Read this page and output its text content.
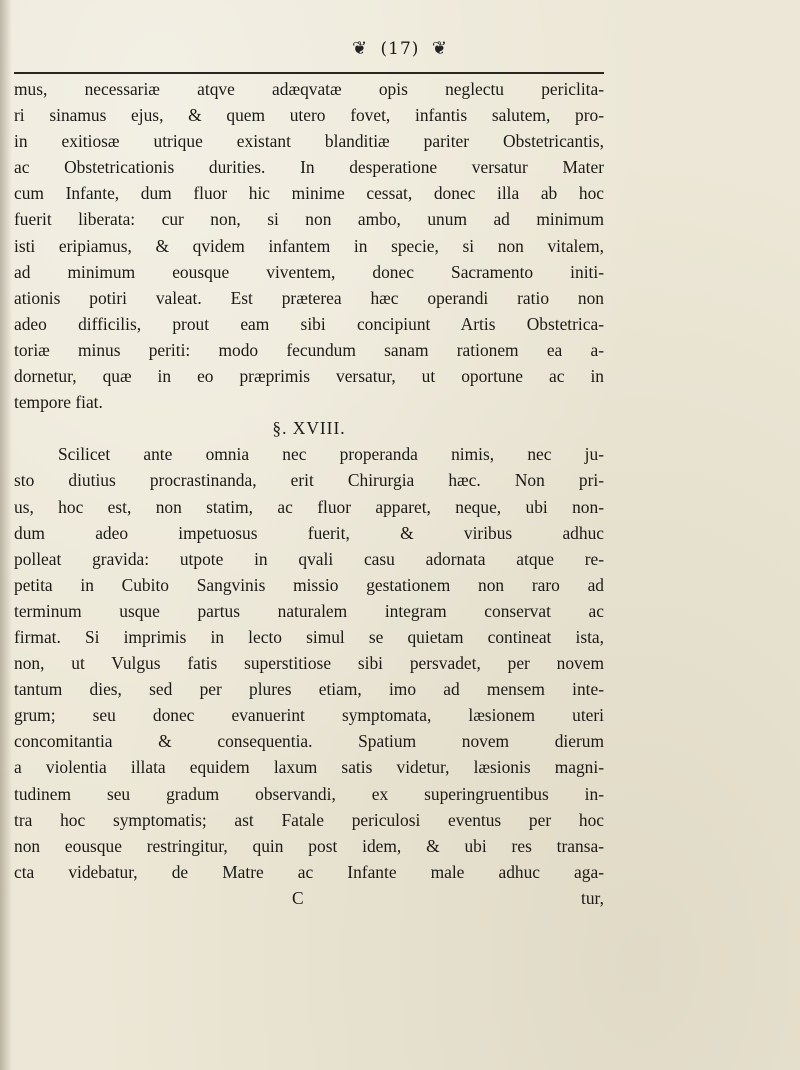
❦ (17) ❦
mus, necessariæ atqve adæqvatæ opis neglectu periclita-
ri sinamus ejus, & quem utero fovet, infantis salutem, pro-
in exitiosæ utrique existant blanditiæ pariter Obstetricantis,
ac Obstetricationis durities. In desperatione versatur Mater
cum Infante, dum fluor hic minime cessat, donec illa ab hoc
fuerit liberata: cur non, si non ambo, unum ad minimum
isti eripiamus, & qvidem infantem in specie, si non vitalem,
ad minimum eousque viventem, donec Sacramento initi-
ationis potiri valeat. Est præterea hæc operandi ratio non
adeo difficilis, prout eam sibi concipiunt Artis Obstetrica-
toriæ minus periti: modo fecundum sanam rationem ea a-
dornetur, quæ in eo præprimis versatur, ut oportune ac in
tempore fiat.
§. XVIII.
Scilicet ante omnia nec properanda nimis, nec ju-
sto diutius procrastinanda, erit Chirurgia hæc. Non pri-
us, hoc est, non statim, ac fluor apparet, neque, ubi non-
dum adeo impetuosus fuerit, & viribus adhuc
polleat gravida: utpote in qvali casu adornata atque re-
petita in Cubito Sangvinis missio gestationem non raro ad
terminum usque partus naturalem integram conservat ac
firmat. Si imprimis in lecto simul se quietam contineat ista,
non, ut Vulgus fatis superstitiose sibi persvadet, per novem
tantum dies, sed per plures etiam, imo ad mensem inte-
grum; seu donec evanuerint symptomata, læsionem uteri
concomitantia & consequentia. Spatium novem dierum
a violentia illata equidem laxum satis videtur, læsionis magni-
tudinem seu gradum observandi, ex superingruentibus in-
tra hoc symptomatis; ast Fatale periculosi eventus per hoc
non eousque restringitur, quin post idem, & ubi res transa-
cta videbatur, de Matre ac Infante male adhuc aga-
C	tur,
